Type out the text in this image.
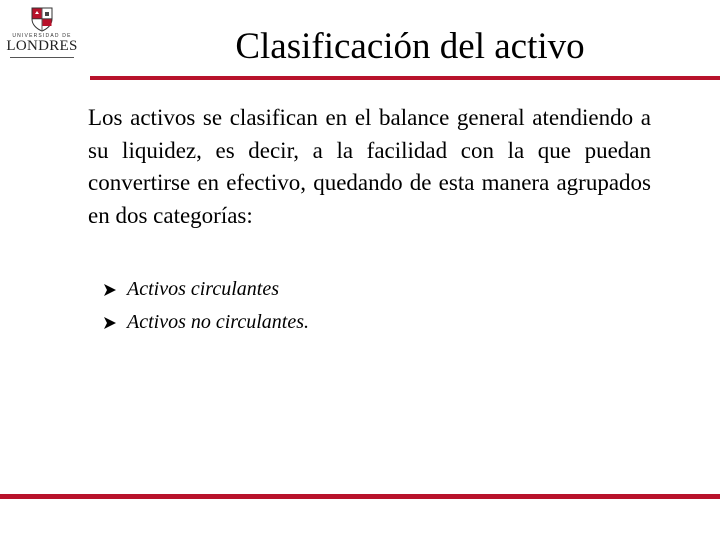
UNIVERSIDAD DE
LONDRES	Clasificación del activo

Los activos se clasifican en el balance general atendiendo a su liquidez, es decir, a la facilidad con la que puedan convertirse en efectivo, quedando de esta manera agrupados en dos categorías:

Activos circulantes
Activos no circulantes.
